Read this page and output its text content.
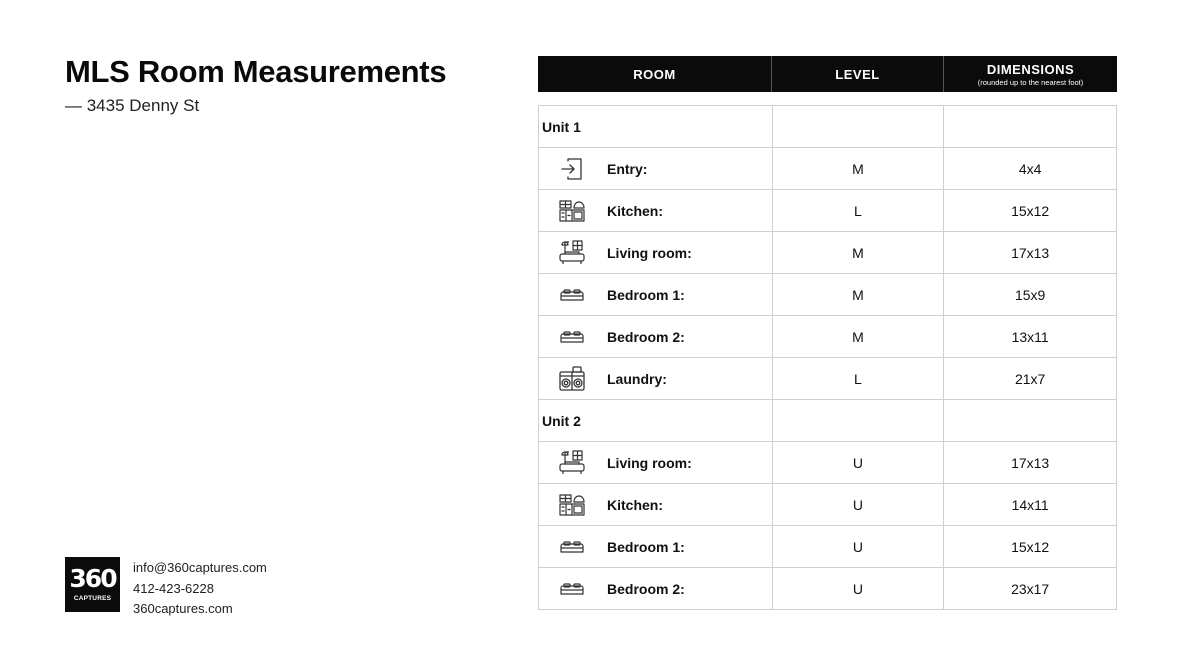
MLS Room Measurements
— 3435 Denny St
360
CAPTURES
info@360captures.com
412-423-6228
360captures.com
ROOM	LEVEL	DIMENSIONS
(rounded up to the nearest foot)
Unit 1
Entry:	M	4x4
Kitchen:	L	15x12
Living room:	M	17x13
Bedroom 1:	M	15x9
Bedroom 2:	M	13x11
Laundry:	L	21x7
Unit 2
Living room:	U	17x13
Kitchen:	U	14x11
Bedroom 1:	U	15x12
Bedroom 2:	U	23x17
